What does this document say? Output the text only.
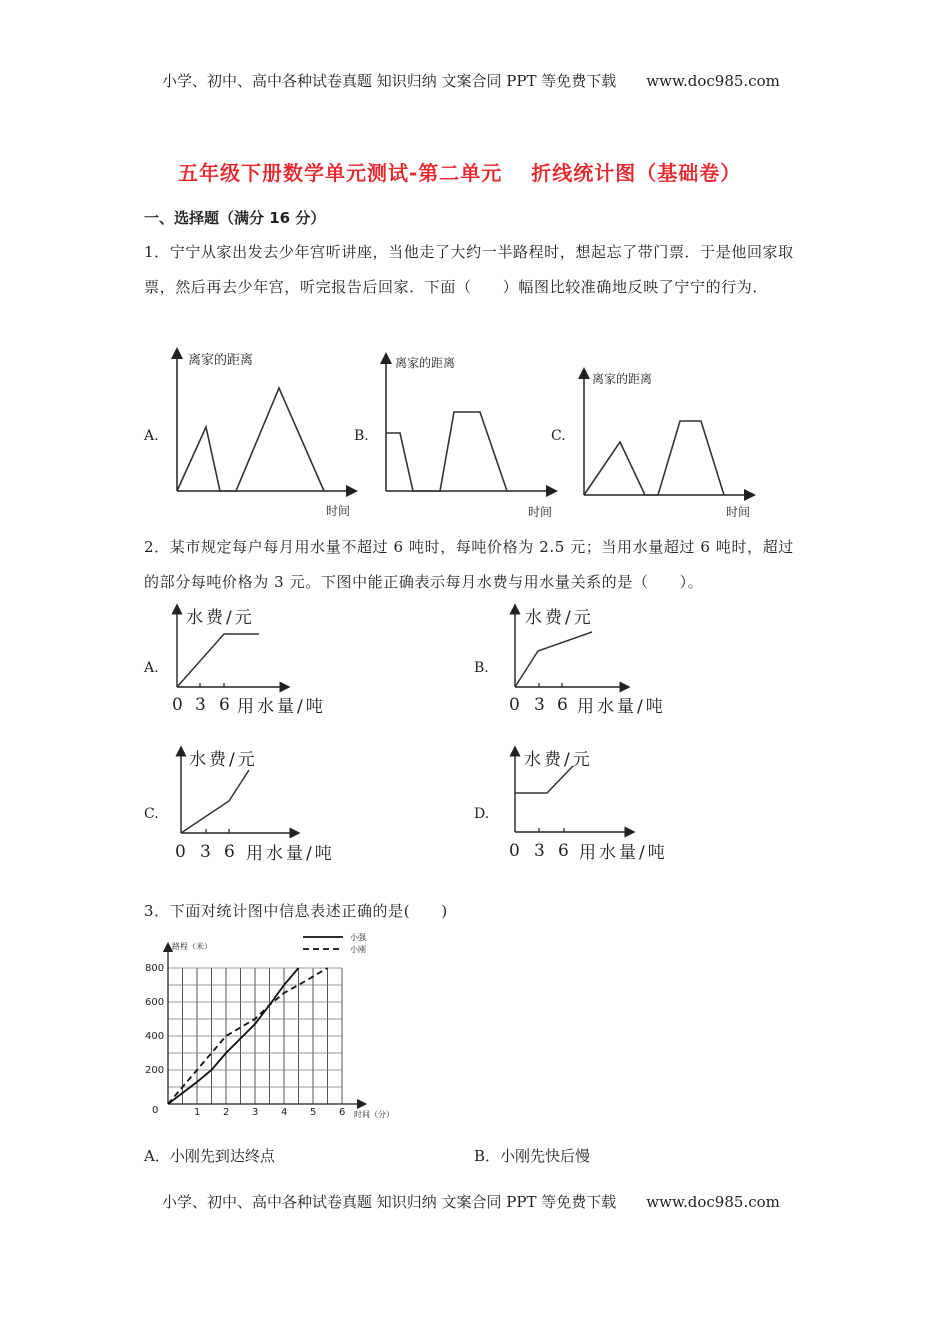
小学、初中、高中各种试卷真题 知识归纳 文案合同 PPT 等免费下载 www.doc985.com
五年级下册数学单元测试-第二单元　 折线统计图（基础卷）
一、选择题（满分 16 分）
1．宁宁从家出发去少年宫听讲座，当他走了大约一半路程时，想起忘了带门票．于是他回家取票，然后再去少年宫，听完报告后回家．下面（　　）幅图比较准确地反映了宁宁的行为．
A.
离家的距离
时间
B.
离家的距离
时间
C.
离家的距离
时间
2．某市规定每户每月用水量不超过 6 吨时，每吨价格为 2.5 元；当用水量超过 6 吨时，超过的部分每吨价格为 3 元。下图中能正确表示每月水费与用水量关系的是（　　）。
A.
水费/元
0 3 6 用水量/吨
B.
水费/元
0 3 6 用水量/吨
C.
水费/元
0 3 6 用水量/吨
D.
水费/元
0 3 6 用水量/吨
3．下面对统计图中信息表述正确的是(　　)
路程（米）
时间（分）
0	1 2 3 4 5 6
200
400
600
800
小强
小刚
A．小刚先到达终点	B．小刚先快后慢
小学、初中、高中各种试卷真题 知识归纳 文案合同 PPT 等免费下载 www.doc985.com
